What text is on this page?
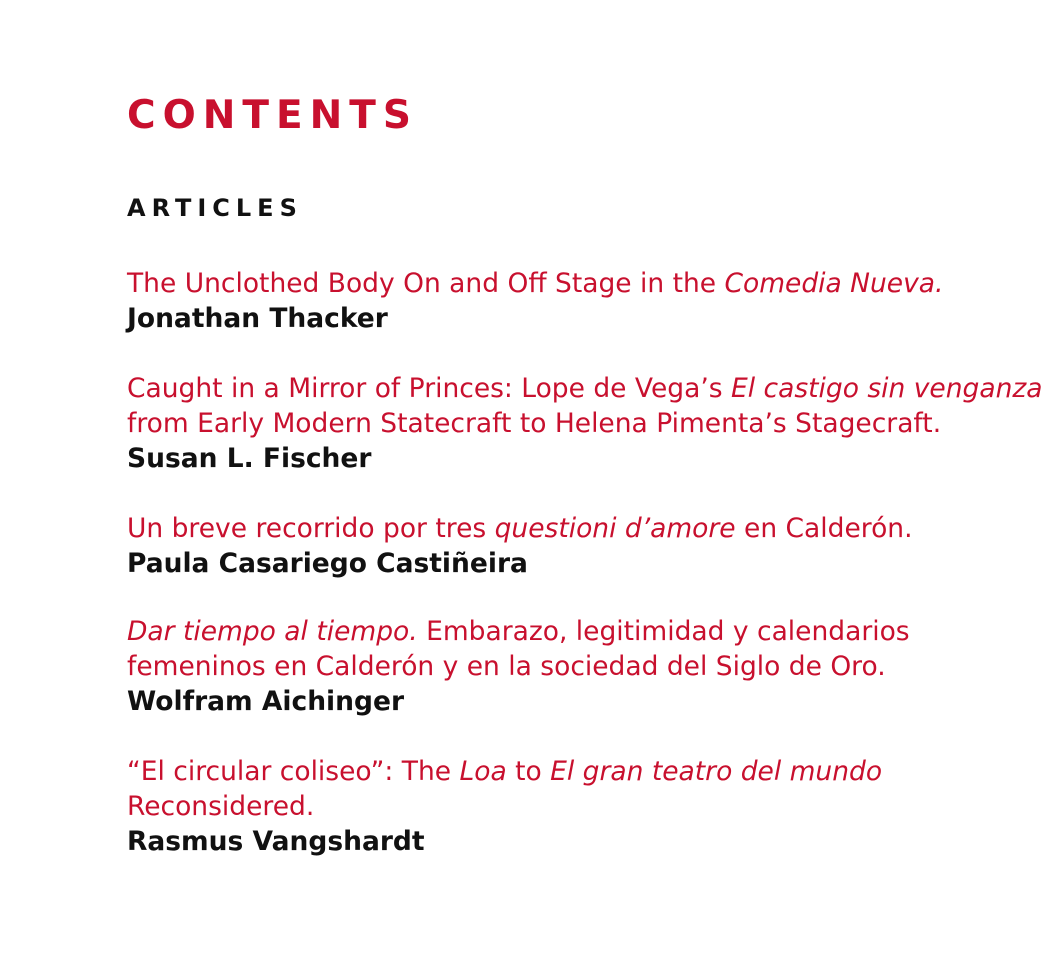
CONTENTS
ARTICLES
The Unclothed Body On and Off Stage in the Comedia Nueva.
Jonathan Thacker
Caught in a Mirror of Princes: Lope de Vega’s El castigo sin venganza
from Early Modern Statecraft to Helena Pimenta’s Stagecraft.
Susan L. Fischer
Un breve recorrido por tres questioni d’amore en Calderón.
Paula Casariego Castiñeira
Dar tiempo al tiempo. Embarazo, legitimidad y calendarios
femeninos en Calderón y en la sociedad del Siglo de Oro.
Wolfram Aichinger
“El circular coliseo”: The Loa to El gran teatro del mundo
Reconsidered.
Rasmus Vangshardt
